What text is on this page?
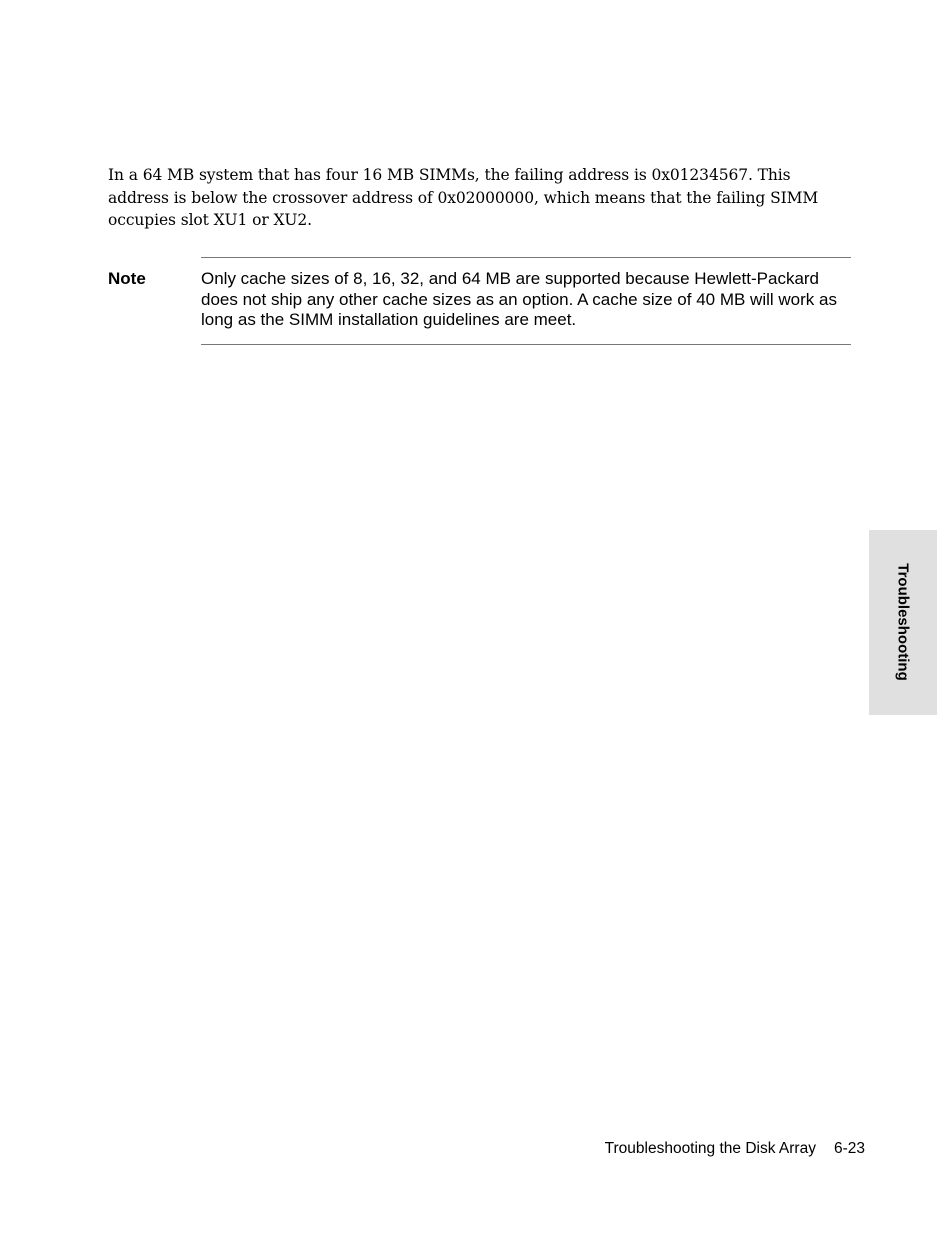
In a 64 MB system that has four 16 MB SIMMs, the failing address is 0x01234567. This address is below the crossover address of 0x02000000, which means that the failing SIMM occupies slot XU1 or XU2.

Note	Only cache sizes of 8, 16, 32, and 64 MB are supported because Hewlett-Packard does not ship any other cache sizes as an option. A cache size of 40 MB will work as long as the SIMM installation guidelines are meet.

Troubleshooting
Troubleshooting the Disk Array 6-23
